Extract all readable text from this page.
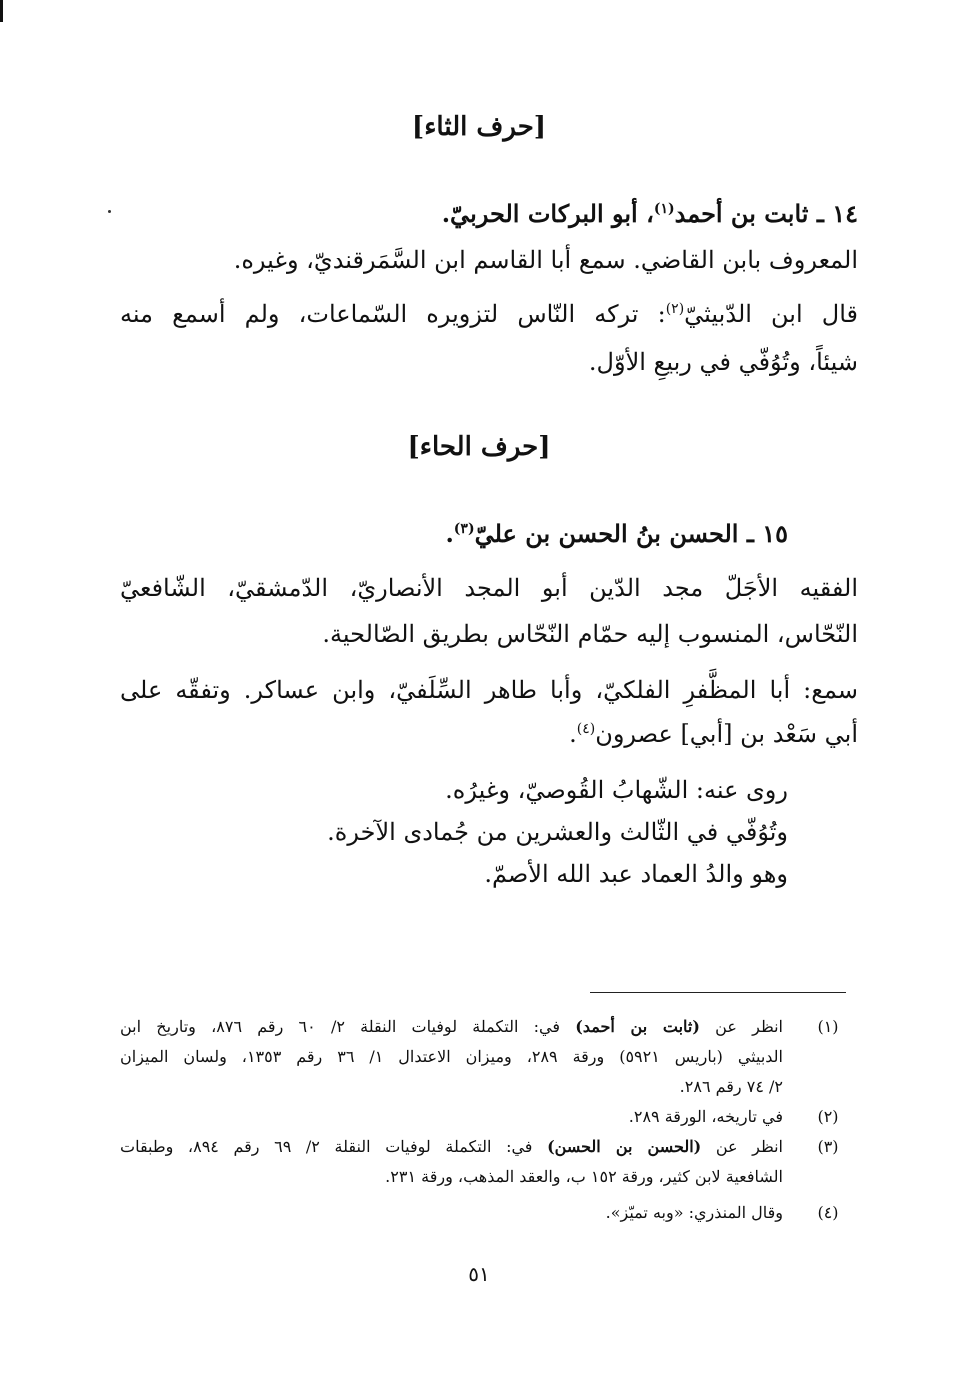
[حرف الثاء]
١٤ ـ ثابت بن أحمد$^{(١)}$، أبو البركات الحربيّ.
المعروف بابن القاضي. سمع أبا القاسم ابن السَّمَرقنديّ، وغيره.
قال ابن الدّبيثيّ$^{(٢)}$: تركه النّاس لتزويره السّماعات، ولم أسمع منه
شيئاً، وتُوُفّي في ربيعِ الأوّل.
[حرف الحاء]
١٥ ـ الحسن بنُ الحسن بن عليّ$^{(٣)}$.
الفقيه الأجَلّ مجد الدّين أبو المجد الأنصاريّ، الدّمشقيّ، الشّافعيّ
النّحّاس، المنسوب إليه حمّام النّحّاس بطريق الصّالحية.
سمع: أبا المظَّفرِ الفلكيّ، وأبا طاهر السِّلَفيّ، وابن عساكر. وتفقّه على
أبي سَعْد بن [أبي] عصرون$^{(٤)}$.
روى عنه: الشّهابُ القُوصيّ، وغيرُه.
وتُوُفّي في الثّالث والعشرين من جُمادى الآخرة.
وهو والدُ العماد عبد الله الأصمّ.
(١)
انظر عن (ثابت بن أحمد) في: التكملة لوفيات النقلة ٢/ ٦٠ رقم ٨٧٦، وتاريخ ابن
الدبيثي (باريس ٥٩٢١) ورقة ٢٨٩، وميزان الاعتدال ١/ ٣٦ رقم ١٣٥٣، ولسان الميزان
٢/ ٧٤ رقم ٢٨٦.
(٢)
في تاريخه، الورقة ٢٨٩.
(٣)
انظر عن (الحسن بن الحسن) في: التكملة لوفيات النقلة ٢/ ٦٩ رقم ٨٩٤، وطبقات
الشافعية لابن كثير، ورقة ١٥٢ ب، والعقد المذهب، ورقة ٢٣١.
(٤)
وقال المنذري: «وبه تميّز».
٥١
